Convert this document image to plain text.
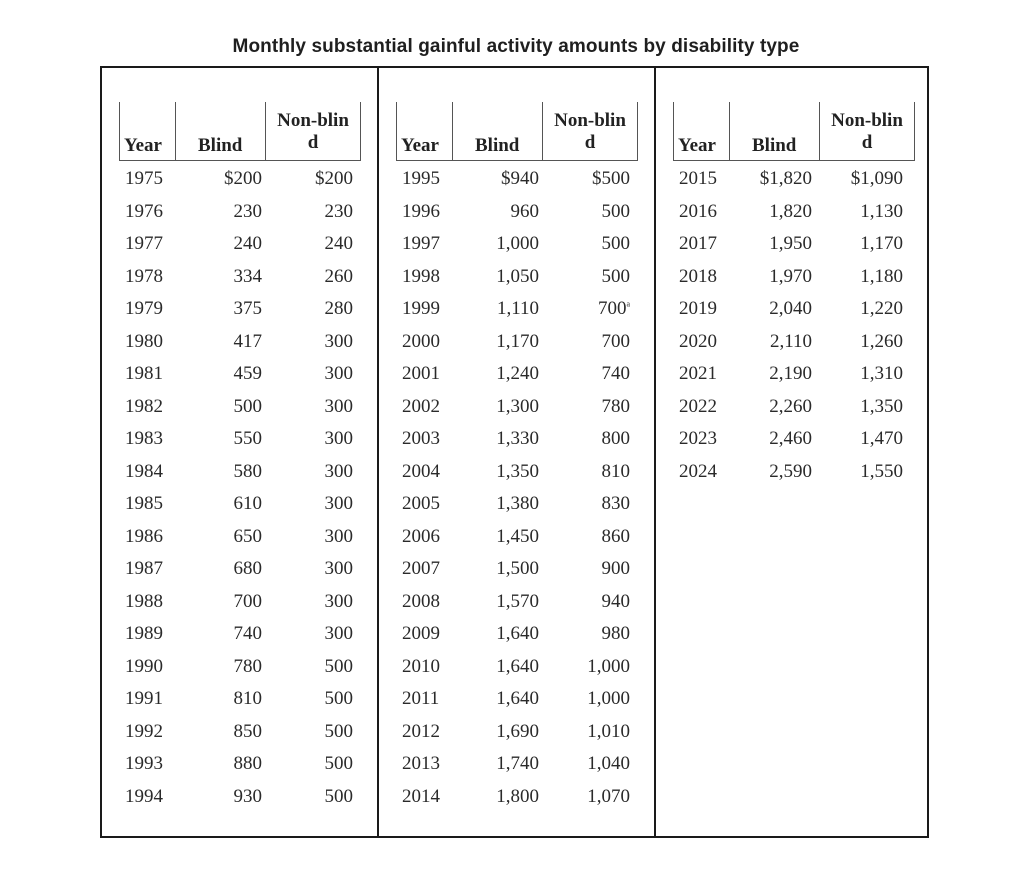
Monthly substantial gainful activity amounts by disability type
Year Blind
Non-blin
d
1975	$200	$200
1976	230	230
1977	240	240
1978	334	260
1979	375	280
1980	417	300
1981	459	300
1982	500	300
1983	550	300
1984	580	300
1985	610	300
1986	650	300
1987	680	300
1988	700	300
1989	740	300
1990	780	500
1991	810	500
1992	850	500
1993	880	500
1994	930	500
Year Blind
Non-blin
d
1995	$940	$500
1996	960	500
1997	1,000	500
1998	1,050	500
1999	1,110	700$^a$
2000	1,170	700
2001	1,240	740
2002	1,300	780
2003	1,330	800
2004	1,350	810
2005	1,380	830
2006	1,450	860
2007	1,500	900
2008	1,570	940
2009	1,640	980
2010	1,640	1,000
2011	1,640	1,000
2012	1,690	1,010
2013	1,740	1,040
2014	1,800	1,070
Year Blind
Non-blin
d
2015 $1,820 $1,090
2016	1,820	1,130
2017	1,950	1,170
2018	1,970	1,180
2019	2,040	1,220
2020	2,110	1,260
2021	2,190	1,310
2022	2,260	1,350
2023	2,460	1,470
2024	2,590	1,550
